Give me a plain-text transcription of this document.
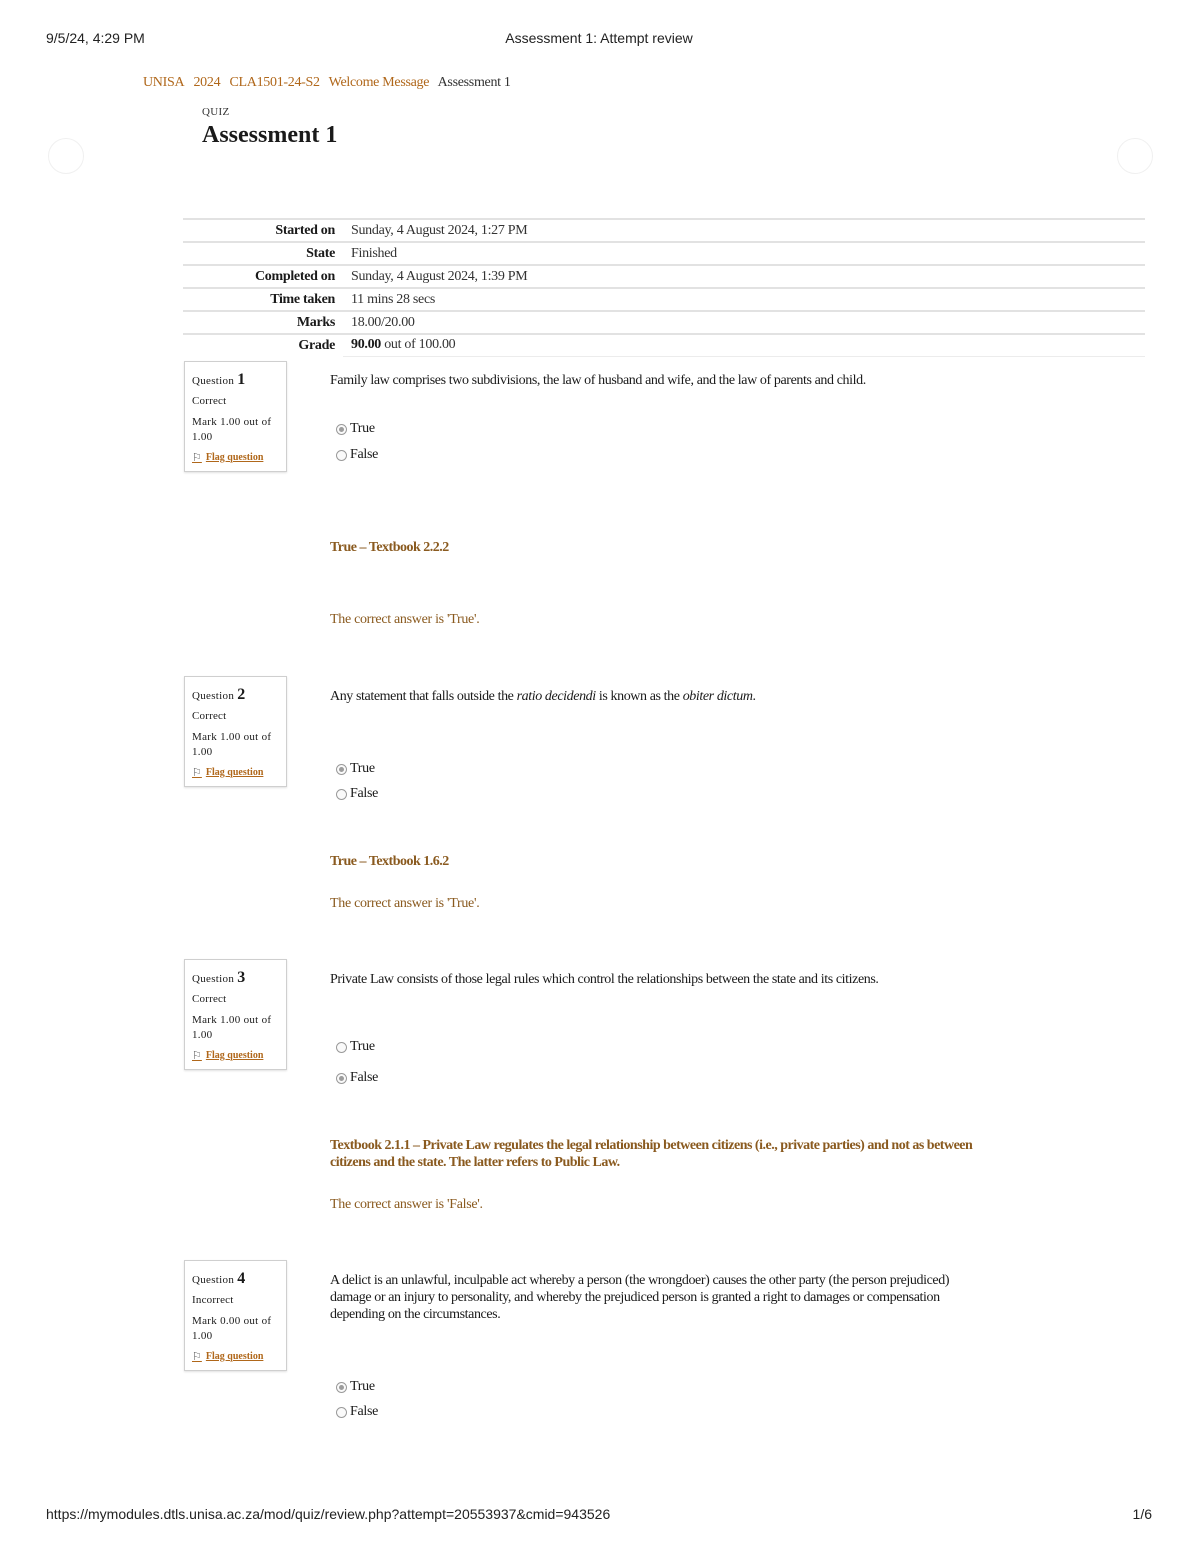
9/5/24, 4:29 PM	Assessment 1: Attempt review
UNISA 2024 CLA1501-24-S2 Welcome Message Assessment 1
QUIZ
Assessment 1
Started on	Sunday, 4 August 2024, 1:27 PM
State	Finished
Completed on	Sunday, 4 August 2024, 1:39 PM
Time taken	11 mins 28 secs
Marks	18.00/20.00
Grade	90.00 out of 100.00
Question 1
Correct
Mark 1.00 out of 1.00
⚐ Flag question
Family law comprises two subdivisions, the law of husband and wife, and the law of parents and child.
True
False
True – Textbook 2.2.2
The correct answer is 'True'.
Question 2
Correct
Mark 1.00 out of 1.00
⚐ Flag question
Any statement that falls outside the ratio decidendi is known as the obiter dictum.
True
False
True – Textbook 1.6.2
The correct answer is 'True'.
Question 3
Correct
Mark 1.00 out of 1.00
⚐ Flag question
Private Law consists of those legal rules which control the relationships between the state and its citizens.
True
False
Textbook 2.1.1 – Private Law regulates the legal relationship between citizens (i.e., private parties) and not as between citizens and the state. The latter refers to Public Law.
The correct answer is 'False'.
Question 4
Incorrect
Mark 0.00 out of 1.00
⚐ Flag question
A delict is an unlawful, inculpable act whereby a person (the wrongdoer) causes the other party (the person prejudiced) damage or an injury to personality, and whereby the prejudiced person is granted a right to damages or compensation depending on the circumstances.
True
False
https://mymodules.dtls.unisa.ac.za/mod/quiz/review.php?attempt=20553937&cmid=943526	1/6
